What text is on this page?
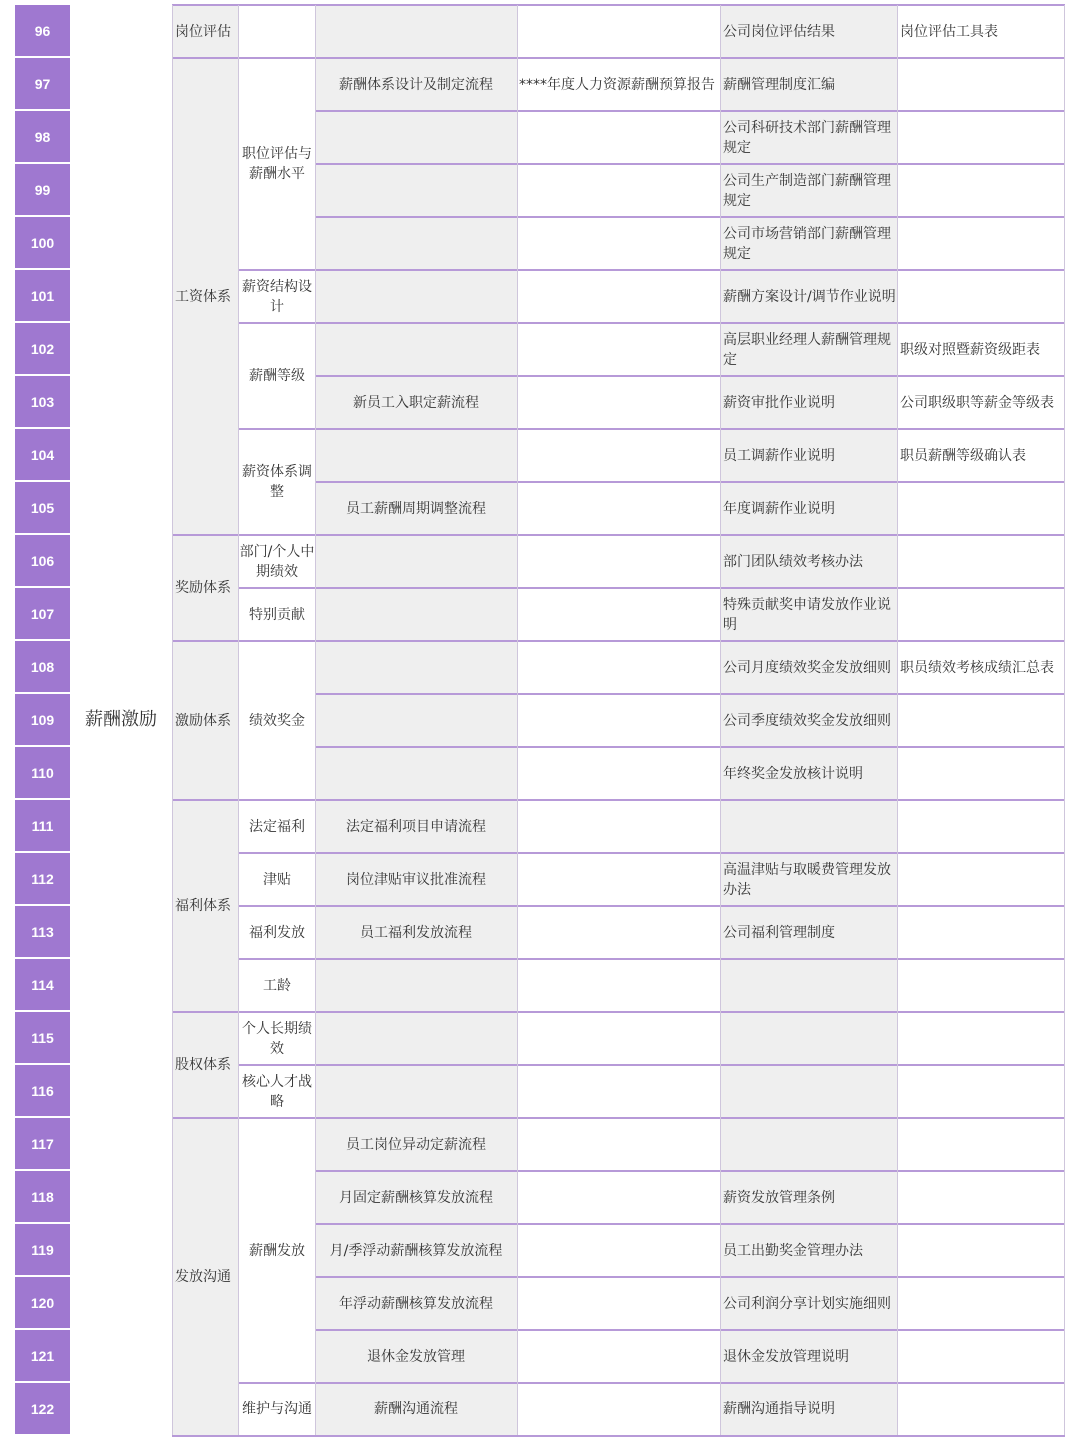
96
97
98
99
100
101
102
103
104
105
106
107
108
109
110
111
112
113
114
115
116
117
118
119
120
121
122
薪酬激励
岗位评估
工资体系
奖励体系
激励体系
福利体系
股权体系
发放沟通
职位评估与薪酬水平
薪资结构设计
薪酬等级
薪资体系调整
部门/个人中期绩效
特别贡献
绩效奖金
法定福利
津贴
福利发放
工龄
个人长期绩效
核心人才战略
薪酬发放
维护与沟通
薪酬体系设计及制定流程
新员工入职定薪流程
员工薪酬周期调整流程
法定福利项目申请流程
岗位津贴审议批准流程
员工福利发放流程
员工岗位异动定薪流程
月固定薪酬核算发放流程
月/季浮动薪酬核算发放流程
年浮动薪酬核算发放流程
退休金发放管理
薪酬沟通流程
****年度人力资源薪酬预算报告
公司岗位评估结果
薪酬管理制度汇编
公司科研技术部门薪酬管理规定
公司生产制造部门薪酬管理规定
公司市场营销部门薪酬管理规定
薪酬方案设计/调节作业说明
高层职业经理人薪酬管理规定
薪资审批作业说明
员工调薪作业说明
年度调薪作业说明
部门团队绩效考核办法
特殊贡献奖申请发放作业说明
公司月度绩效奖金发放细则
公司季度绩效奖金发放细则
年终奖金发放核计说明
高温津贴与取暖费管理发放办法
公司福利管理制度
薪资发放管理条例
员工出勤奖金管理办法
公司利润分享计划实施细则
退休金发放管理说明
薪酬沟通指导说明
岗位评估工具表
职级对照暨薪资级距表
公司职级职等薪金等级表
职员薪酬等级确认表
职员绩效考核成绩汇总表
